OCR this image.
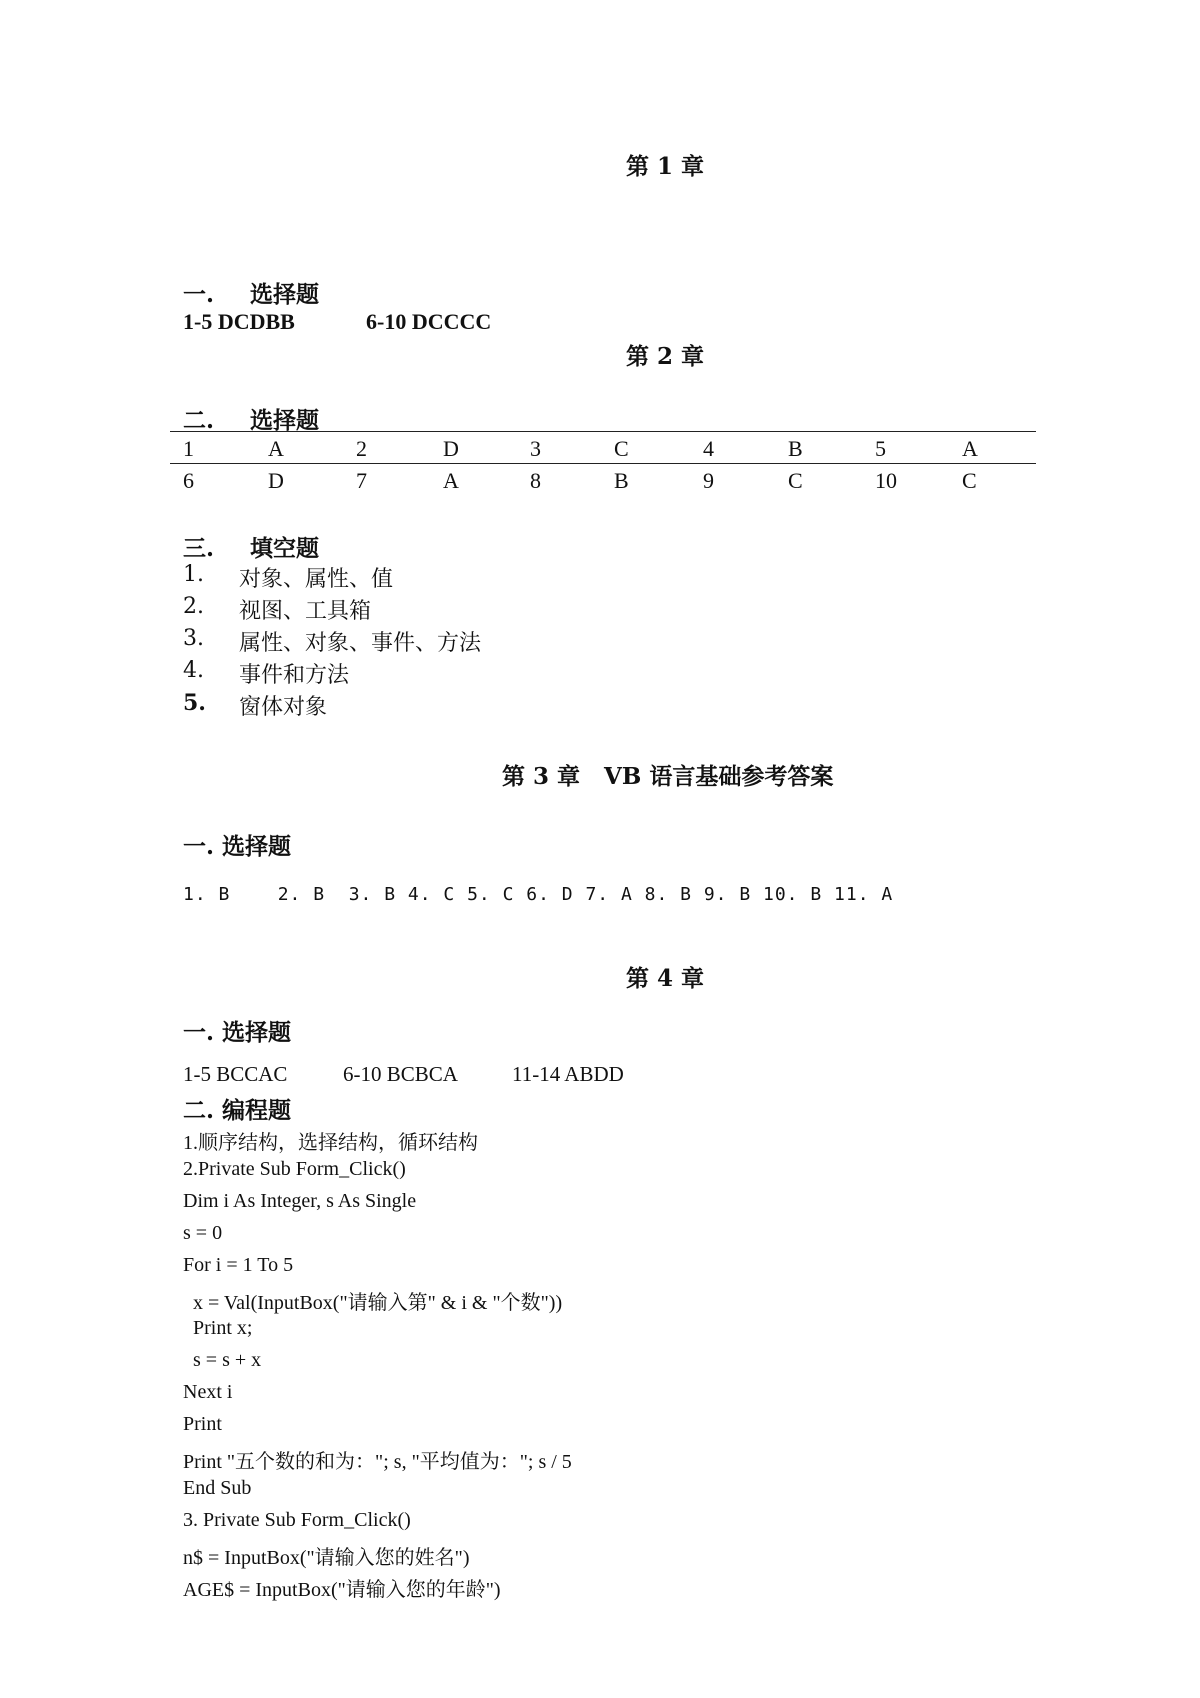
第 1 章
一. 选择题
1-5 DCDBB	6-10 DCCCC
第 2 章
二. 选择题
1	A	2	D	3	C	4	B	5	A
6	D	7	A	8	B	9	C	10	C
三. 填空题
1. 对象、属性、值
2. 视图、工具箱
3. 属性、对象、事件、方法
4. 事件和方法
5. 窗体对象
第 3 章   VB 语言基础参考答案
一. 选择题
1. B    2. B  3. B 4. C 5. C 6. D 7. A 8. B 9. B 10. B 11. A
第 4 章
一. 选择题
1-5 BCCAC	6-10 BCBCA	11-14 ABDD
二. 编程题
1.顺序结构，选择结构，循环结构
2.Private Sub Form_Click()
Dim i As Integer, s As Single
s = 0
For i = 1 To 5
x = Val(InputBox("请输入第" & i & "个数"))
Print x;
s = s + x
Next i
Print
Print "五个数的和为："; s, "平均值为："; s / 5
End Sub
3. Private Sub Form_Click()
n$ = InputBox("请输入您的姓名")
AGE$ = InputBox("请输入您的年龄")
